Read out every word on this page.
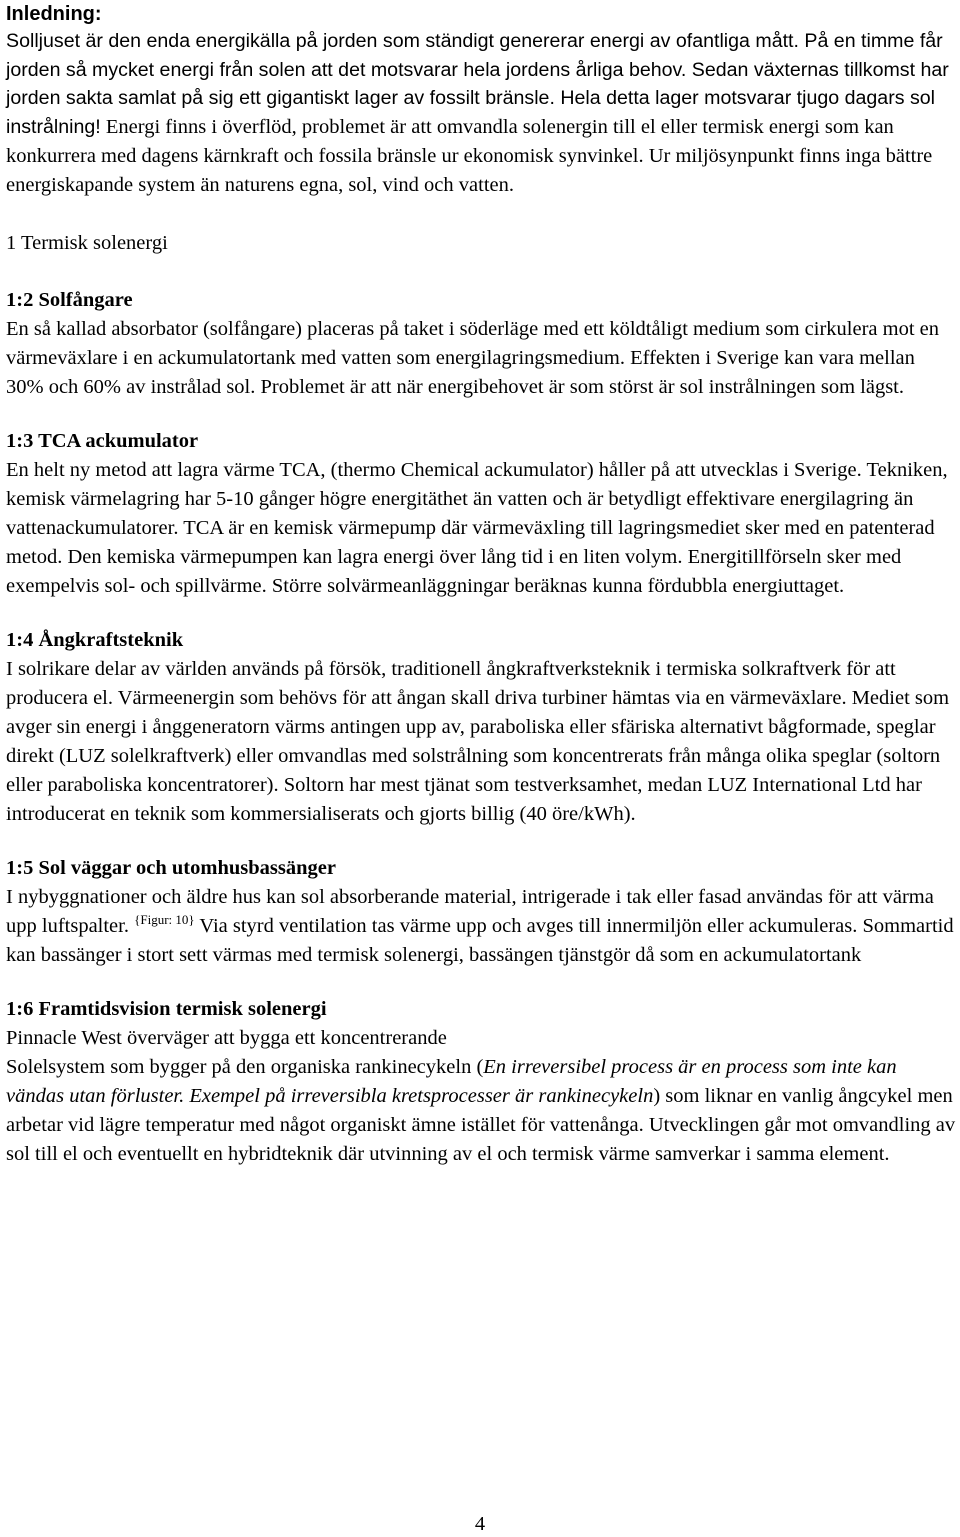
Inledning:

Solljuset är den enda energikälla på jorden som ständigt genererar energi av ofantliga mått. På en timme får jorden så mycket energi från solen att det motsvarar hela jordens årliga behov. Sedan växternas tillkomst har jorden sakta samlat på sig ett gigantiskt lager av fossilt bränsle. Hela detta lager motsvarar tjugo dagars sol instrålning! Energi finns i överflöd, problemet är att omvandla solenergin till el eller termisk energi som kan konkurrera med dagens kärnkraft och fossila bränsle ur ekonomisk synvinkel. Ur miljösynpunkt finns inga bättre energiskapande system än naturens egna, sol, vind och vatten.

1 Termisk solenergi
1:2 Solfångare

En så kallad absorbator (solfångare) placeras på taket i söderläge med ett köldtåligt medium som cirkulera mot en värmeväxlare i en ackumulatortank med vatten som energilagringsmedium. Effekten i Sverige kan vara mellan 30% och 60% av instrålad sol. Problemet är att när energibehovet är som störst är sol instrålningen som lägst.

1:3 TCA ackumulator

En helt ny metod att lagra värme TCA, (thermo Chemical ackumulator) håller på att utvecklas i Sverige. Tekniken, kemisk värmelagring har 5-10 gånger högre energitäthet än vatten och är betydligt effektivare energilagring än vattenackumulatorer. TCA är en kemisk värmepump där värmeväxling till lagringsmediet sker med en patenterad metod. Den kemiska värmepumpen kan lagra energi över lång tid i en liten volym. Energitillförseln sker med exempelvis sol- och spillvärme. Större solvärmeanläggningar beräknas kunna fördubbla energiuttaget.

1:4 Ångkraftsteknik

I solrikare delar av världen används på försök, traditionell ångkraftverksteknik i termiska solkraftverk för att producera el. Värmeenergin som behövs för att ångan skall driva turbiner hämtas via en värmeväxlare. Mediet som avger sin energi i ånggeneratorn värms antingen upp av, paraboliska eller sfäriska alternativt bågformade, speglar direkt (LUZ solelkraftverk) eller omvandlas med solstrålning som koncentrerats från många olika speglar (soltorn eller paraboliska koncentratorer). Soltorn har mest tjänat som testverksamhet, medan LUZ International Ltd har introducerat en teknik som kommersialiserats och gjorts billig (40 öre/kWh).

1:5 Sol väggar och utomhusbassänger

I nybyggnationer och äldre hus kan sol absorberande material, intrigerade i tak eller fasad användas för att värma upp luftspalter. $^{\{Figur: 10\}}$ Via styrd ventilation tas värme upp och avges till innermiljön eller ackumuleras. Sommartid kan bassänger i stort sett värmas med termisk solenergi, bassängen tjänstgör då som en ackumulatortank

1:6 Framtidsvision termisk solenergi

Pinnacle West överväger att bygga ett koncentrerande

Solelsystem som bygger på den organiska rankinecykeln (En irreversibel process är en process som inte kan vändas utan förluster. Exempel på irreversibla kretsprocesser är rankinecykeln) som liknar en vanlig ångcykel men arbetar vid lägre temperatur med något organiskt ämne istället för vattenånga. Utvecklingen går mot omvandling av sol till el och eventuellt en hybridteknik där utvinning av el och termisk värme samverkar i samma element.

4
